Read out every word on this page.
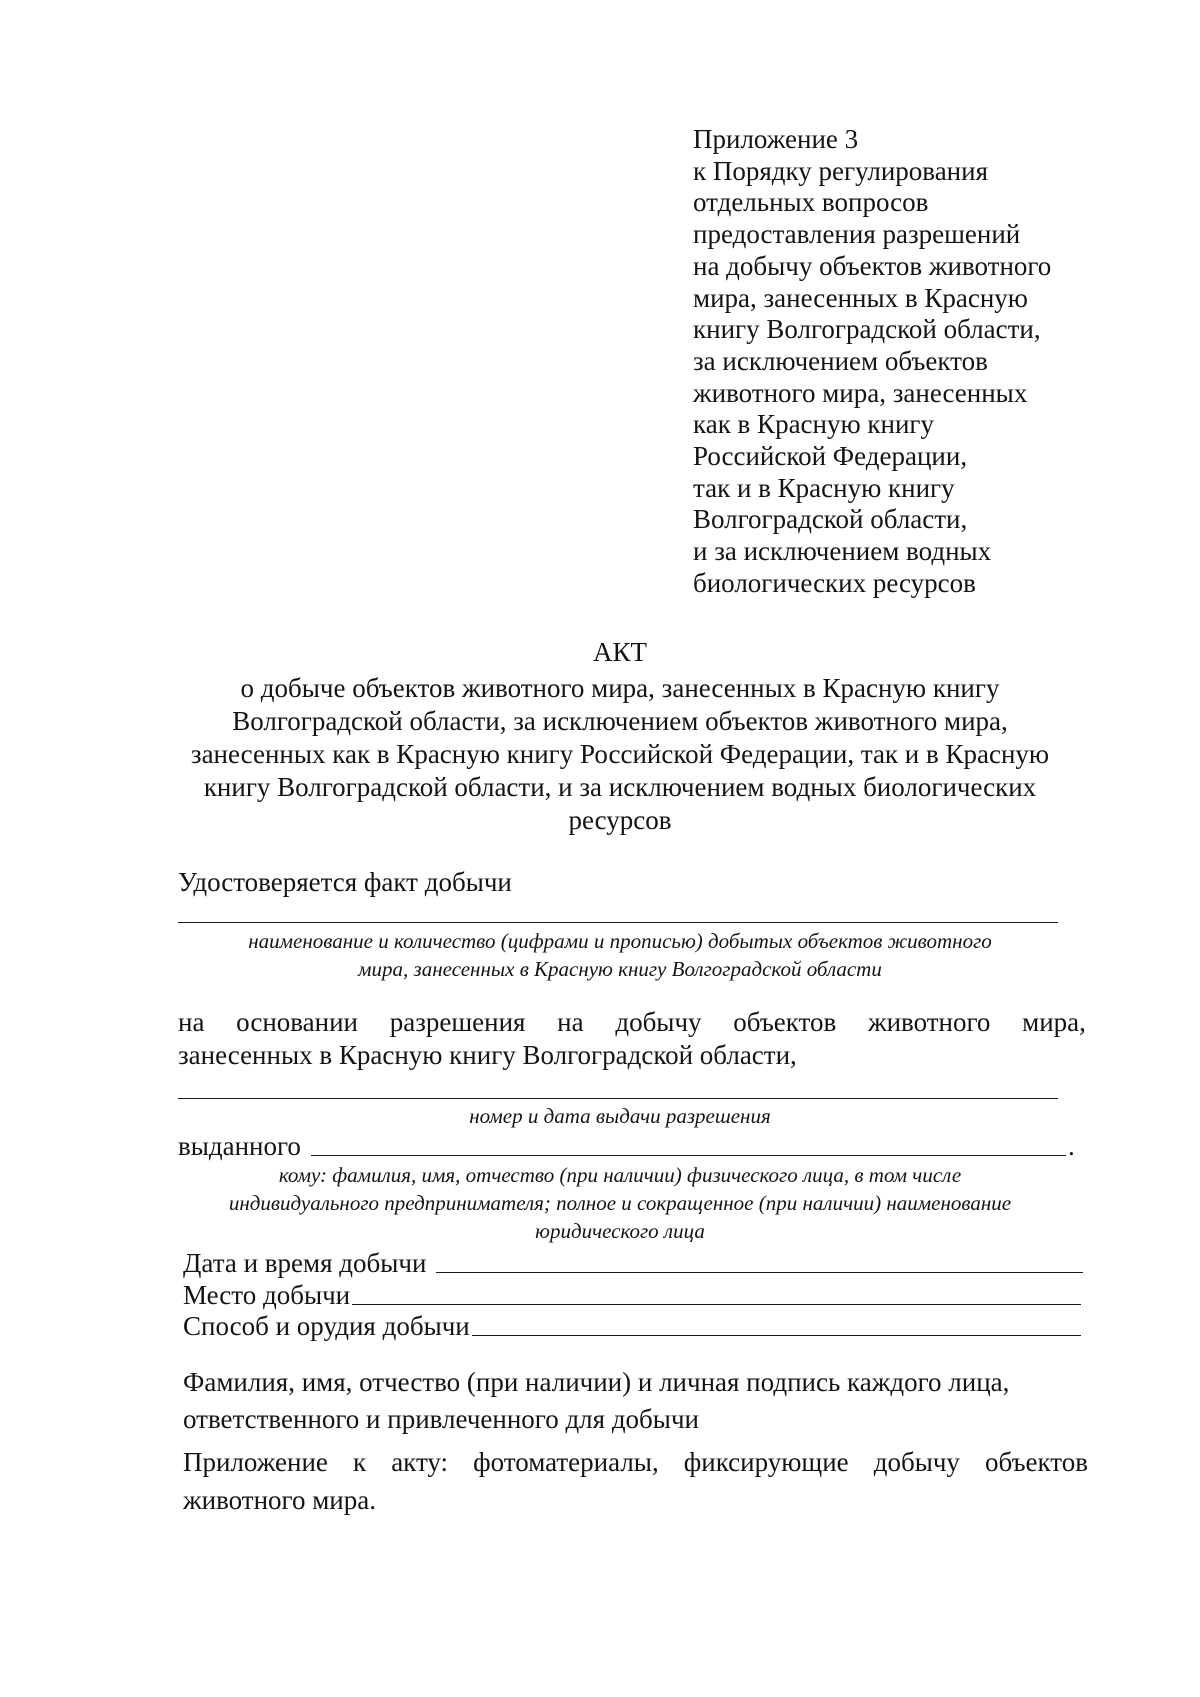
Приложение 3
к Порядку регулирования
отдельных вопросов
предоставления разрешений
на добычу объектов животного
мира, занесенных в Красную
книгу Волгоградской области,
за исключением объектов
животного мира, занесенных
как в Красную книгу
Российской Федерации,
так и в Красную книгу
Волгоградской области,
и за исключением водных
биологических ресурсов
АКТ
о добыче объектов животного мира, занесенных в Красную книгу
Волгоградской области, за исключением объектов животного мира,
занесенных как в Красную книгу Российской Федерации, так и в Красную
книгу Волгоградской области, и за исключением водных биологических
ресурсов
Удостоверяется факт добычи
наименование и количество (цифрами и прописью) добытых объектов животного
мира, занесенных в Красную книгу Волгоградской области
на основании разрешения на добычу объектов животного мира,
занесенных в Красную книгу Волгоградской области,
номер и дата выдачи разрешения
выданного	.
кому: фамилия, имя, отчество (при наличии) физического лица, в том числе
индивидуального предпринимателя; полное и сокращенное (при наличии) наименование
юридического лица
Дата и время добычи
Место добычи
Способ и орудия добычи
Фамилия, имя, отчество (при наличии) и личная подпись каждого лица,
ответственного и привлеченного для добычи
Приложение к акту: фотоматериалы, фиксирующие добычу объектов
животного мира.
